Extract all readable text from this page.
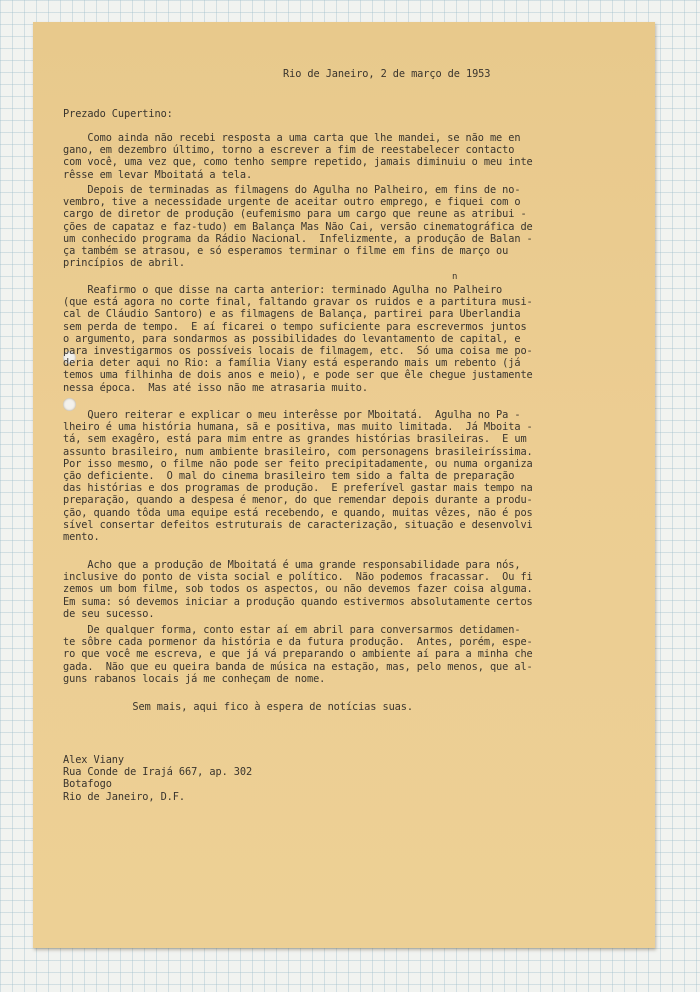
Rio de Janeiro, 2 de março de 1953
Prezado Cupertino:
Como ainda não recebi resposta a uma carta que lhe mandei, se não me en
gano, em dezembro último, torno a escrever a fim de reestabelecer contacto
com você, uma vez que, como tenho sempre repetido, jamais diminuiu o meu inte
rêsse em levar Mboitatá a tela.
Depois de terminadas as filmagens do Agulha no Palheiro, em fins de no-
vembro, tive a necessidade urgente de aceitar outro emprego, e fiquei com o
cargo de diretor de produção (eufemismo para um cargo que reune as atribui -
ções de capataz e faz-tudo) em Balança Mas Não Cai, versão cinematográfica de
um conhecido programa da Rádio Nacional.  Infelizmente, a produção de Balan -
ça também se atrasou, e só esperamos terminar o filme em fins de março ou
princípios de abril.
n
Reafirmo o que disse na carta anterior: terminado Agulha no Palheiro
(que está agora no corte final, faltando gravar os ruidos e a partitura musi-
cal de Cláudio Santoro) e as filmagens de Balança, partirei para Uberlandia
sem perda de tempo.  E aí ficarei o tempo suficiente para escrevermos juntos
o argumento, para sondarmos as possibilidades do levantamento de capital, e
para investigarmos os possíveis locais de filmagem, etc.  Só uma coisa me po-
deria deter aqui no Rio: a família Viany está esperando mais um rebento (já
temos uma filhinha de dois anos e meio), e pode ser que êle chegue justamente
nessa época.  Mas até isso não me atrasaria muito.
Quero reiterar e explicar o meu interêsse por Mboitatá.  Agulha no Pa -
lheiro é uma história humana, sã e positiva, mas muito limitada.  Já Mboita -
tá, sem exagêro, está para mim entre as grandes histórias brasileiras.  E um
assunto brasileiro, num ambiente brasileiro, com personagens brasileiríssima.
Por isso mesmo, o filme não pode ser feito precipitadamente, ou numa organiza
ção deficiente.  O mal do cinema brasileiro tem sido a falta de preparação
das histórias e dos programas de produção.  E preferível gastar mais tempo na
preparação, quando a despesa é menor, do que remendar depois durante a produ-
ção, quando tôda uma equipe está recebendo, e quando, muitas vêzes, não é pos
sível consertar defeitos estruturais de caracterização, situação e desenvolvi
mento.
Acho que a produção de Mboitatá é uma grande responsabilidade para nós,
inclusive do ponto de vista social e político.  Não podemos fracassar.  Ou fi
zemos um bom filme, sob todos os aspectos, ou não devemos fazer coisa alguma.
Em suma: só devemos iniciar a produção quando estivermos absolutamente certos
de seu sucesso.
De qualquer forma, conto estar aí em abril para conversarmos detidamen-
te sôbre cada pormenor da história e da futura produção.  Antes, porém, espe-
ro que você me escreva, e que já vá preparando o ambiente aí para a minha che
gada.  Não que eu queira banda de música na estação, mas, pelo menos, que al-
guns rabanos locais já me conheçam de nome.
Sem mais, aqui fico à espera de notícias suas.
Alex Viany
Rua Conde de Irajá 667, ap. 302
Botafogo
Rio de Janeiro, D.F.
